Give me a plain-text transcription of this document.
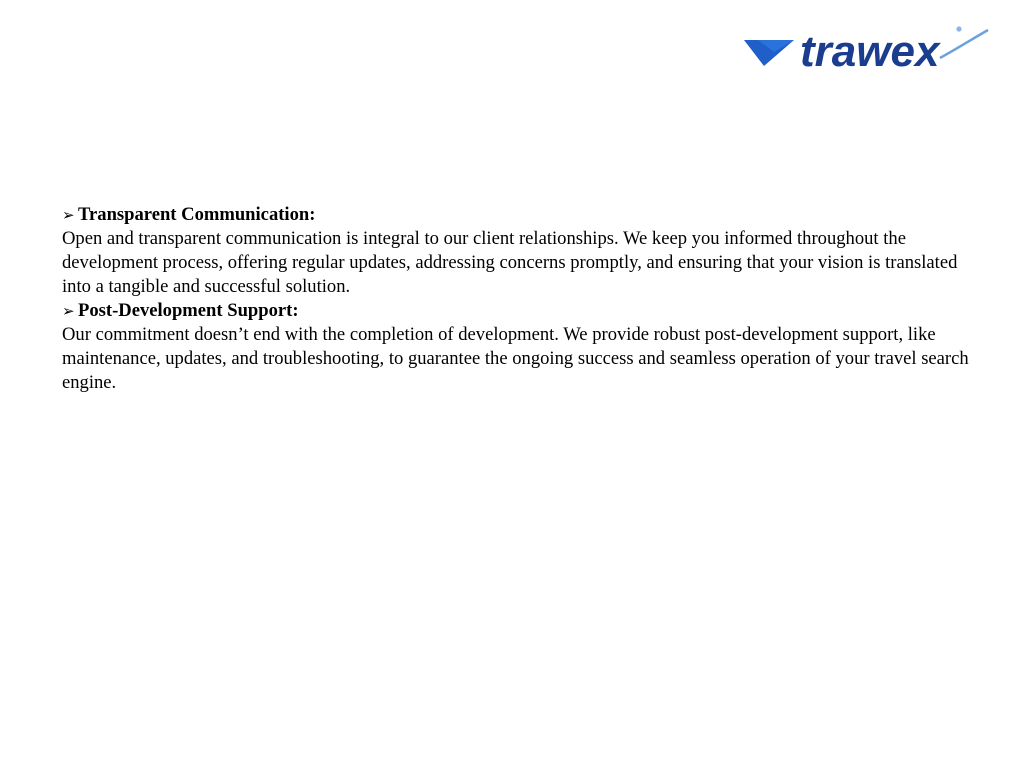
trawex
➢ Transparent Communication:

Open and transparent communication is integral to our client relationships. We keep you informed throughout the development process, offering regular updates, addressing concerns promptly, and ensuring that your vision is translated into a tangible and successful solution.

➢ Post-Development Support:

Our commitment doesn’t end with the completion of development. We provide robust post-development support, like maintenance, updates, and troubleshooting, to guarantee the ongoing success and seamless operation of your travel search engine.
